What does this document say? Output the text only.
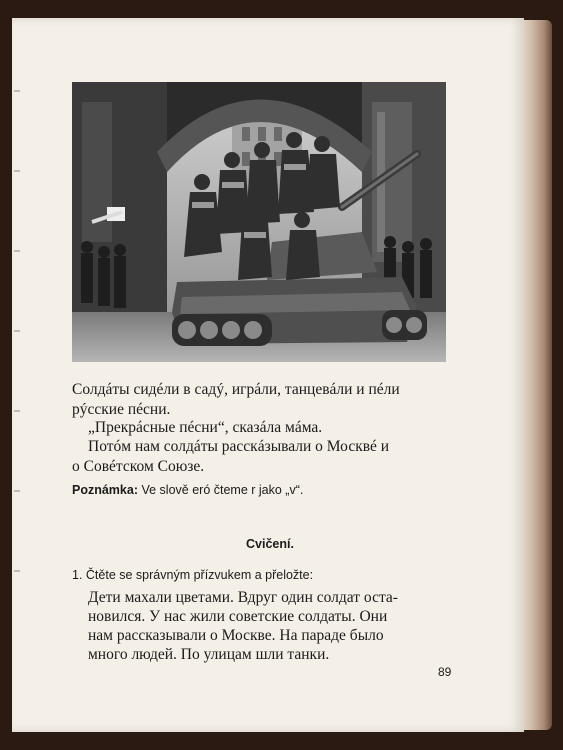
Солдáты сидéли в садý, игрáли, танцевáли и пéли
рýсские пéсни.
„Прекрáсные пéсни“, сказáла мáма.
Потóм нам солдáты расскáзывали о Москвé и
о Совéтском Союзе.
Poznámka: Ve slově eró čteme r jako „v“.
Cvičení.
1. Čtěte se správným přízvukem a přeložte:
Дети махали цветами. Вдруг один солдат оста-
новился. У нас жили советские солдаты. Они
нам рассказывали о Москве. На параде было
много людей. По улицам шли танки.
89
